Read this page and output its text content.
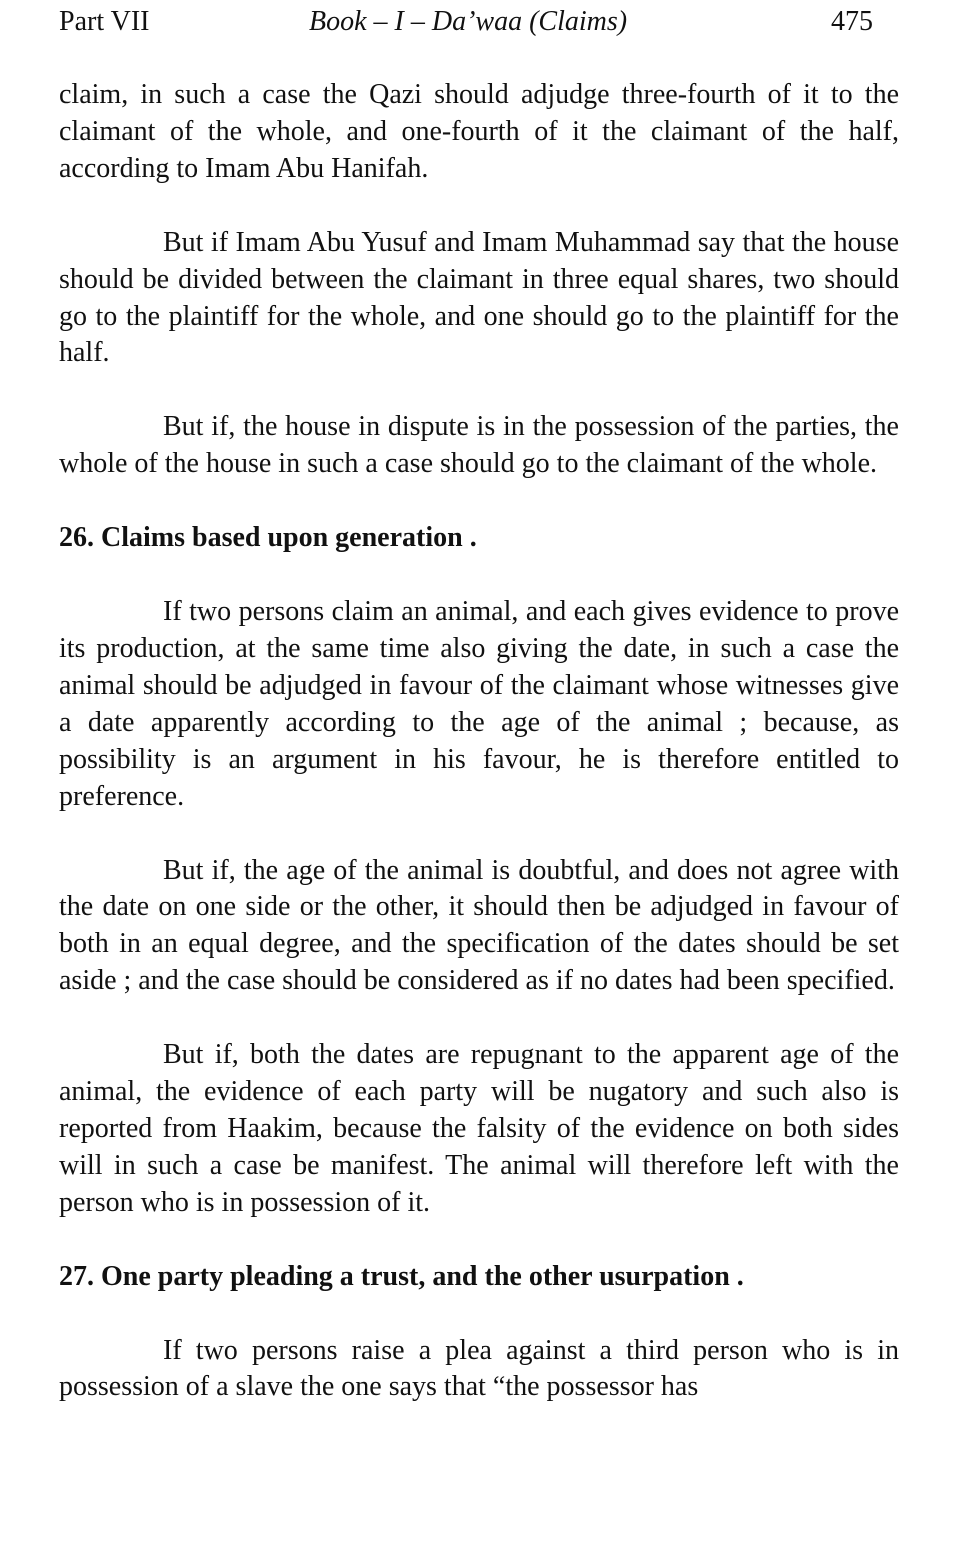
Part VII	Book – I – Da’waa (Claims)	475

claim, in such a case the Qazi should adjudge three-fourth of it to the claimant of the whole, and one-fourth of it the claimant of the half, according to Imam Abu Hanifah.

But if Imam Abu Yusuf and Imam Muhammad say that the house should be divided between the claimant in three equal shares, two should go to the plaintiff for the whole, and one should go to the plaintiff for the half.

But if, the house in dispute is in the possession of the parties, the whole of the house in such a case should go to the claimant of the whole.

26. Claims based upon generation .

If two persons claim an animal, and each gives evidence to prove its production, at the same time also giving the date, in such a case the animal should be adjudged in favour of the claimant whose witnesses give a date apparently according to the age of the animal ; because, as possibility is an argument in his favour, he is therefore entitled to preference.

But if, the age of the animal is doubtful, and does not agree with the date on one side or the other, it should then be adjudged in favour of both in an equal degree, and the specification of the dates should be set aside ; and the case should be considered as if no dates had been specified.

But if, both the dates are repugnant to the apparent age of the animal, the evidence of each party will be nugatory and such also is reported from Haakim, because the falsity of the evidence on both sides will in such a case be manifest. The animal will therefore left with the person who is in possession of it.

27. One party pleading a trust, and the other usurpation .

If two persons raise a plea against a third person who is in possession of a slave the one says that “the possessor has
